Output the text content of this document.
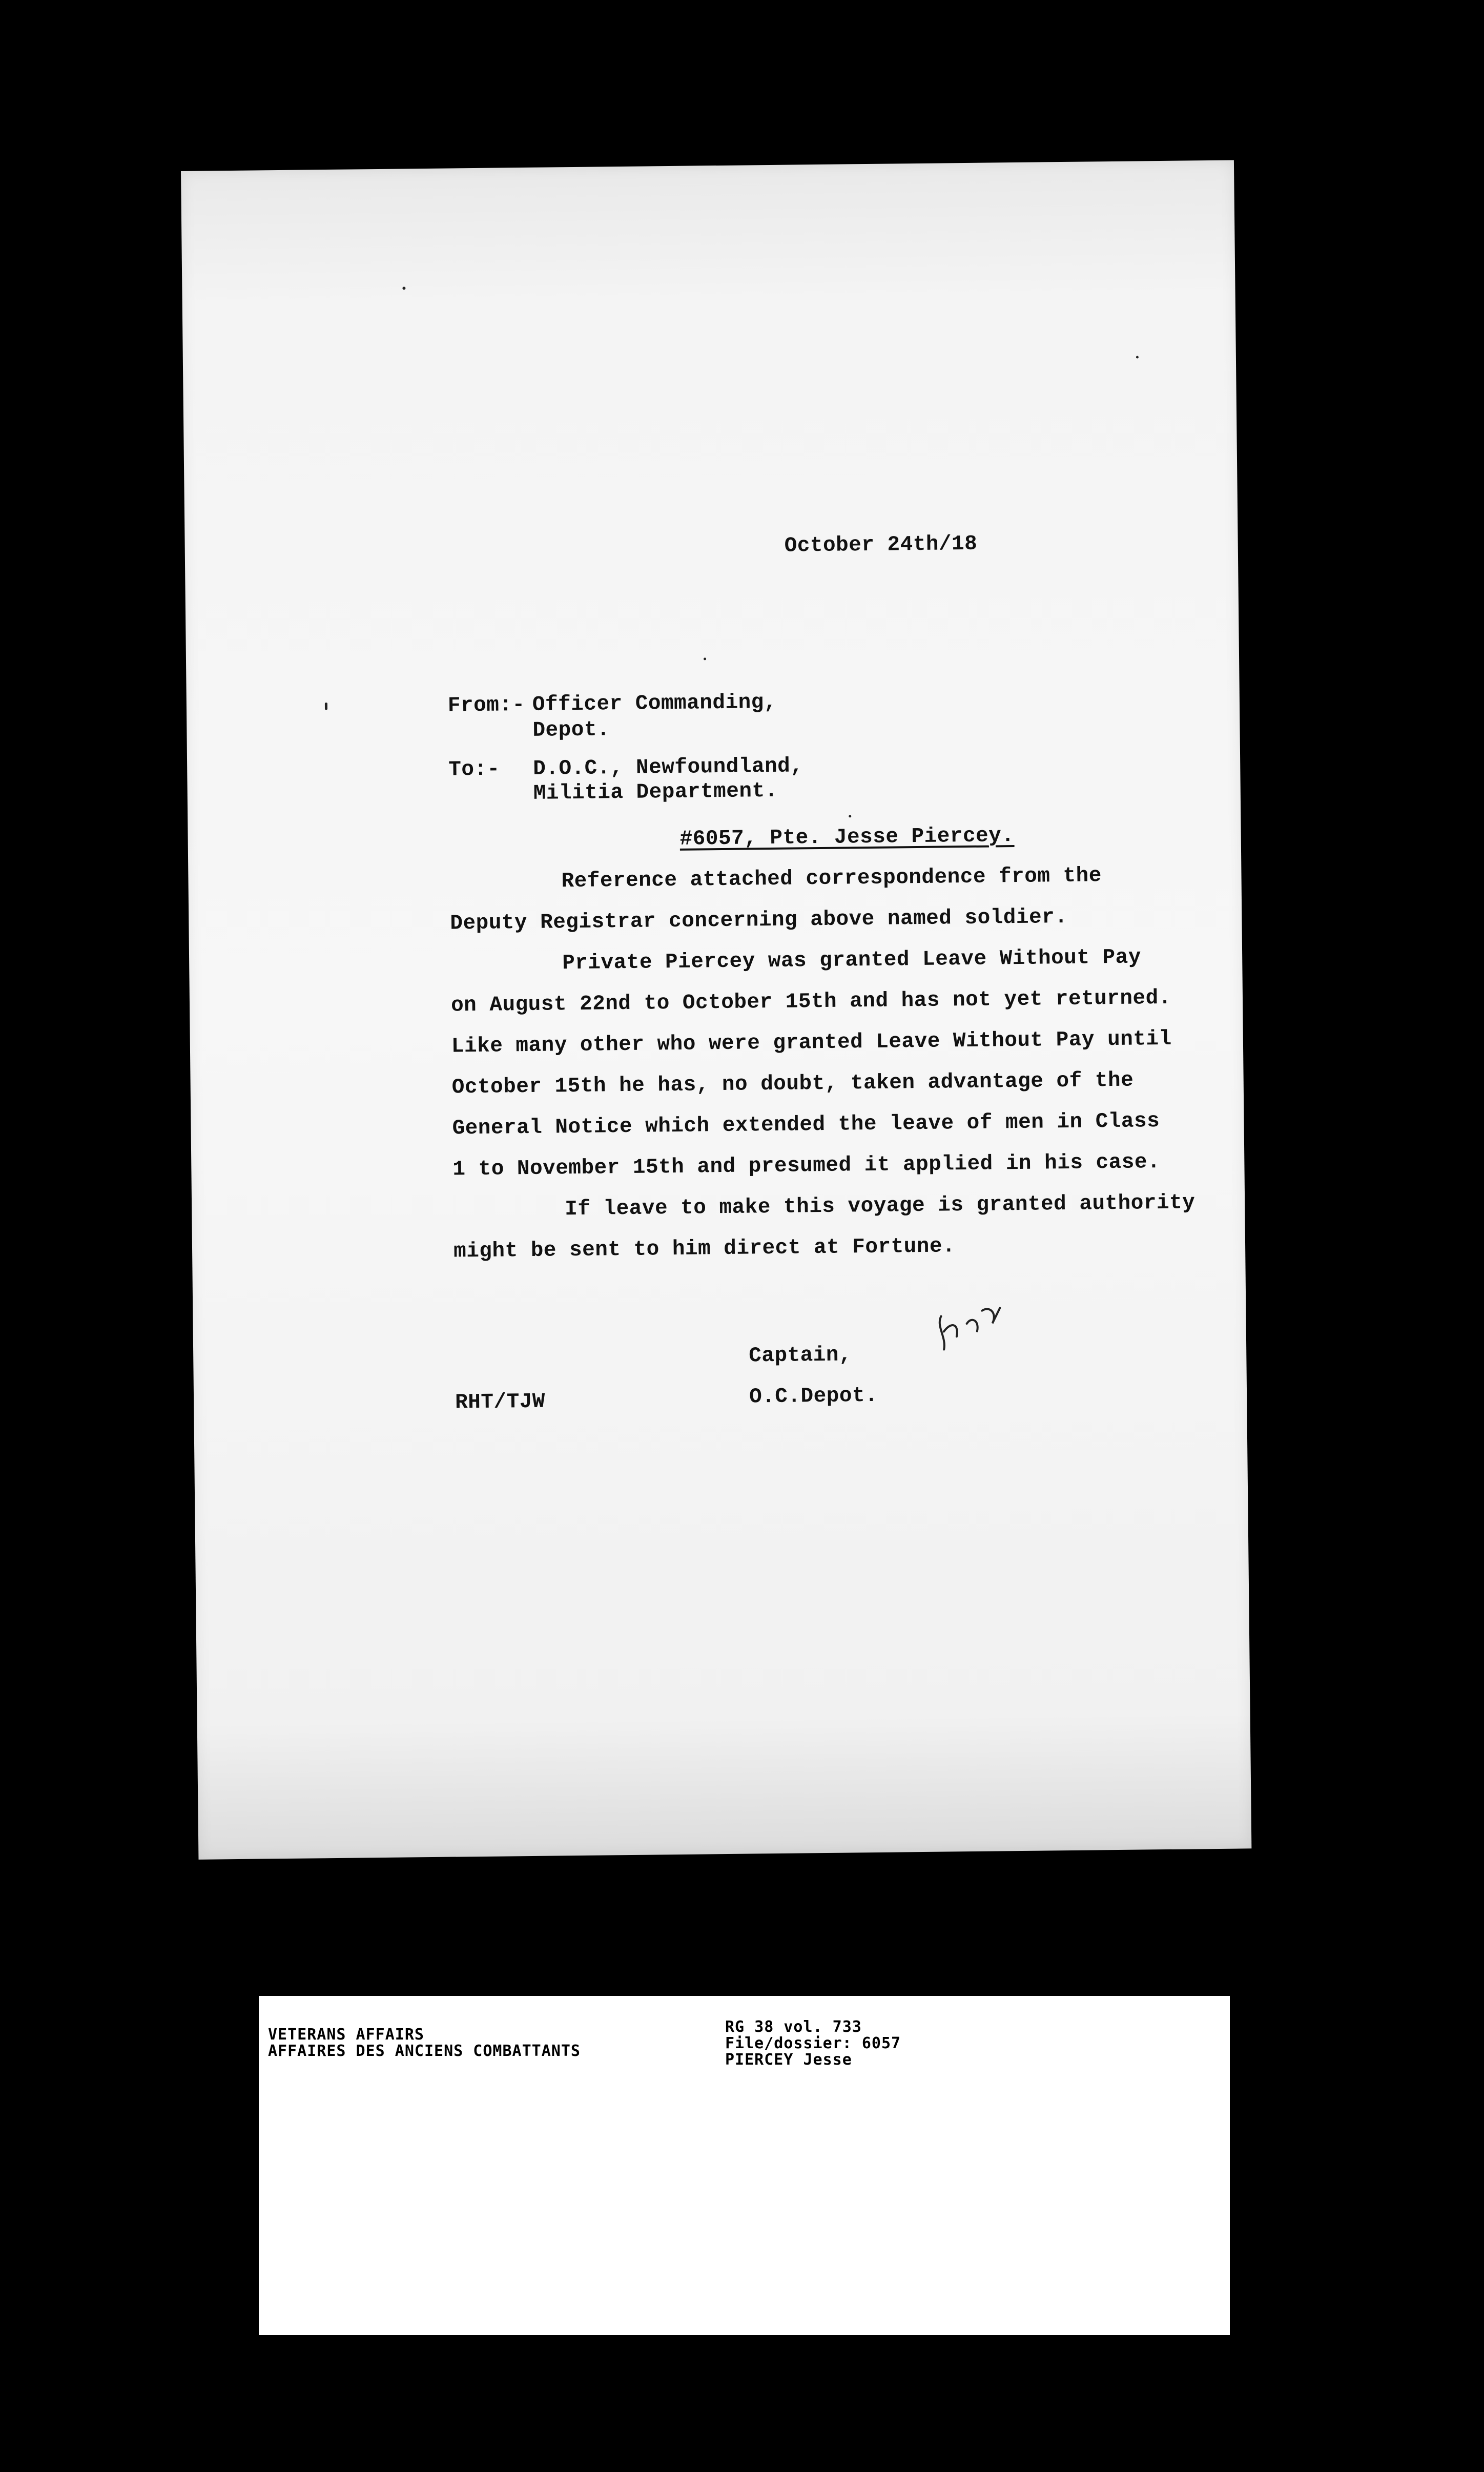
October 24th/18
From:- Officer Commanding,
Depot.
To:- D.O.C., Newfoundland,
Militia Department.
#6057, Pte. Jesse Piercey.
Reference attached correspondence from the
Deputy Registrar concerning above named soldier.
Private Piercey was granted Leave Without Pay
on August 22nd to October 15th and has not yet returned.
Like many other who were granted Leave Without Pay until
October 15th he has, no doubt, taken advantage of the
General Notice which extended the leave of men in Class
1 to November 15th and presumed it applied in his case.
If leave to make this voyage is granted authority
might be sent to him direct at Fortune.
Captain,
O.C.Depot.
RHT/TJW
VETERANS AFFAIRS
AFFAIRES DES ANCIENS COMBATTANTS
RG 38 vol. 733
File/dossier: 6057
PIERCEY Jesse
